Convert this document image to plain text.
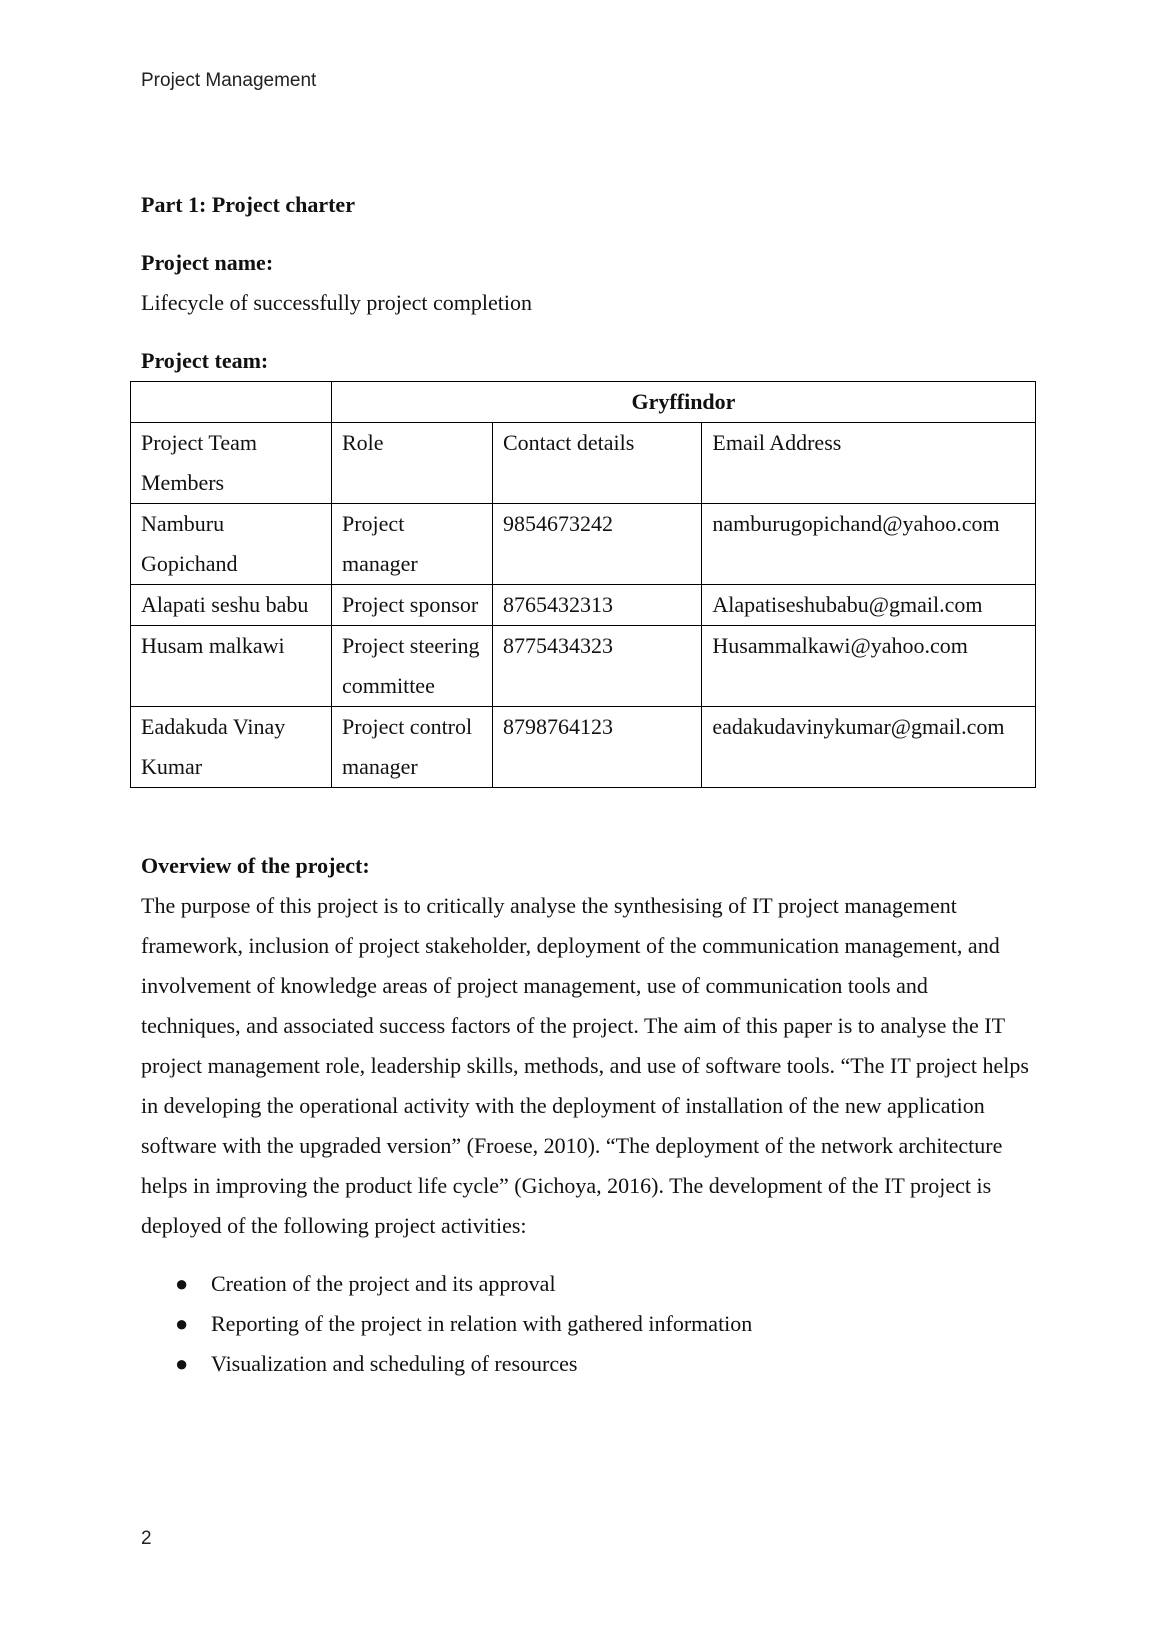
Project Management
Part 1: Project charter
Project name:
Lifecycle of successfully project completion
Project team:
	Gryffindor		
Project Team Members	Role	Contact details	Email Address
Namburu Gopichand	Project manager	9854673242	namburugopichand@yahoo.com
Alapati seshu babu	Project sponsor	8765432313	Alapatiseshubabu@gmail.com
Husam malkawi	Project steering committee	8775434323	Husammalkawi@yahoo.com
Eadakuda Vinay Kumar	Project control manager	8798764123	eadakudavinykumar@gmail.com
Overview of the project:

The purpose of this project is to critically analyse the synthesising of IT project management framework, inclusion of project stakeholder, deployment of the communication management, and involvement of knowledge areas of project management, use of communication tools and techniques, and associated success factors of the project. The aim of this paper is to analyse the IT project management role, leadership skills, methods, and use of software tools. “The IT project helps in developing the operational activity with the deployment of installation of the new application software with the upgraded version” (Froese, 2010). “The deployment of the network architecture helps in improving the product life cycle” (Gichoya, 2016). The development of the IT project is deployed of the following project activities:

● Creation of the project and its approval
● Reporting of the project in relation with gathered information
● Visualization and scheduling of resources
2
